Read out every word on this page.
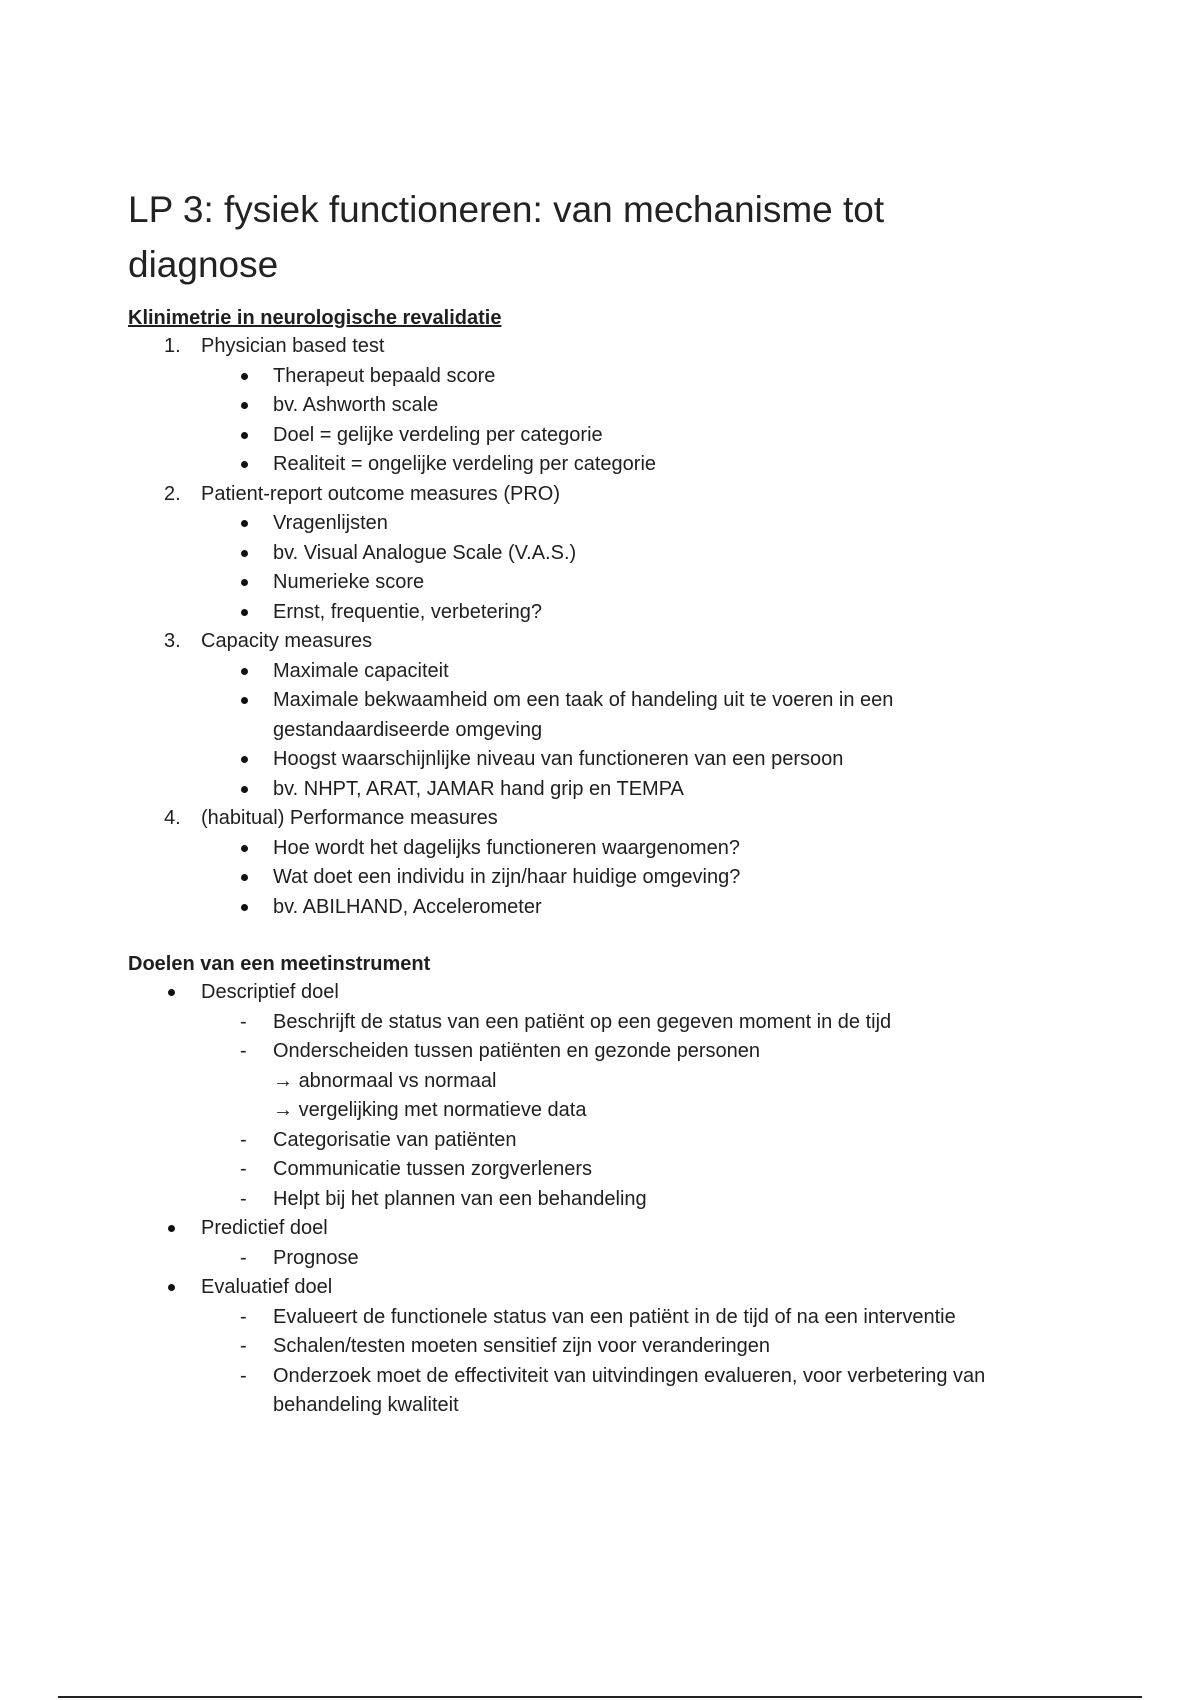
LP 3: fysiek functioneren: van mechanisme tot diagnose
Klinimetrie in neurologische revalidatie
1. Physician based test
Therapeut bepaald score
bv. Ashworth scale
Doel = gelijke verdeling per categorie
Realiteit = ongelijke verdeling per categorie
2. Patient-report outcome measures (PRO)
Vragenlijsten
bv. Visual Analogue Scale (V.A.S.)
Numerieke score
Ernst, frequentie, verbetering?
3. Capacity measures
Maximale capaciteit
Maximale bekwaamheid om een taak of handeling uit te voeren in een
gestandaardiseerde omgeving
Hoogst waarschijnlijke niveau van functioneren van een persoon
bv. NHPT, ARAT, JAMAR hand grip en TEMPA
4. (habitual) Performance measures
Hoe wordt het dagelijks functioneren waargenomen?
Wat doet een individu in zijn/haar huidige omgeving?
bv. ABILHAND, Accelerometer
Doelen van een meetinstrument
Descriptief doel
- Beschrijft de status van een patiënt op een gegeven moment in de tijd
- Onderscheiden tussen patiënten en gezonde personen
→ abnormaal vs normaal
→ vergelijking met normatieve data
- Categorisatie van patiënten
- Communicatie tussen zorgverleners
- Helpt bij het plannen van een behandeling
Predictief doel
- Prognose
Evaluatief doel
- Evalueert de functionele status van een patiënt in de tijd of na een interventie
- Schalen/testen moeten sensitief zijn voor veranderingen
- Onderzoek moet de effectiviteit van uitvindingen evalueren, voor verbetering van
behandeling kwaliteit
